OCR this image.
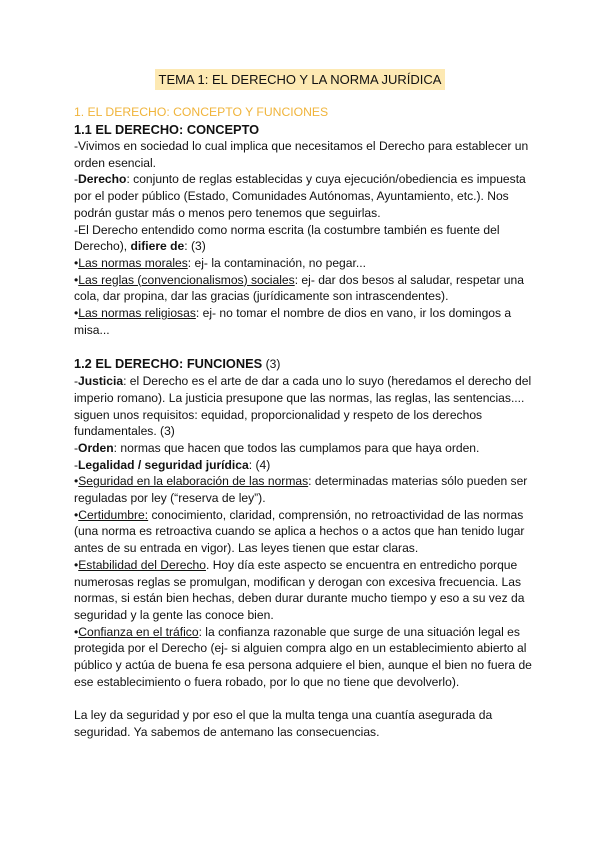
TEMA 1: EL DERECHO Y LA NORMA JURÍDICA

1. EL DERECHO: CONCEPTO Y FUNCIONES

1.1 EL DERECHO: CONCEPTO

-Vivimos en sociedad lo cual implica que necesitamos el Derecho para establecer un orden esencial.

-Derecho: conjunto de reglas establecidas y cuya ejecución/obediencia es impuesta por el poder público (Estado, Comunidades Autónomas, Ayuntamiento, etc.). Nos podrán gustar más o menos pero tenemos que seguirlas.

-El Derecho entendido como norma escrita (la costumbre también es fuente del Derecho), difiere de: (3)

•Las normas morales: ej- la contaminación, no pegar...

•Las reglas (convencionalismos) sociales: ej- dar dos besos al saludar, respetar una cola, dar propina, dar las gracias (jurídicamente son intrascendentes).

•Las normas religiosas: ej- no tomar el nombre de dios en vano, ir los domingos a misa...

1.2 EL DERECHO: FUNCIONES (3)

-Justicia: el Derecho es el arte de dar a cada uno lo suyo (heredamos el derecho del imperio romano). La justicia presupone que las normas, las reglas, las sentencias.... siguen unos requisitos: equidad, proporcionalidad y respeto de los derechos fundamentales. (3)

-Orden: normas que hacen que todos las cumplamos para que haya orden.

-Legalidad / seguridad jurídica: (4)

•Seguridad en la elaboración de las normas: determinadas materias sólo pueden ser reguladas por ley (“reserva de ley”).

•Certidumbre: conocimiento, claridad, comprensión, no retroactividad de las normas (una norma es retroactiva cuando se aplica a hechos o a actos que han tenido lugar antes de su entrada en vigor). Las leyes tienen que estar claras.

•Estabilidad del Derecho. Hoy día este aspecto se encuentra en entredicho porque numerosas reglas se promulgan, modifican y derogan con excesiva frecuencia. Las normas, si están bien hechas, deben durar durante mucho tiempo y eso a su vez da seguridad y la gente las conoce bien.

•Confianza en el tráfico: la confianza razonable que surge de una situación legal es protegida por el Derecho (ej- si alguien compra algo en un establecimiento abierto al público y actúa de buena fe esa persona adquiere el bien, aunque el bien no fuera de ese establecimiento o fuera robado, por lo que no tiene que devolverlo).

La ley da seguridad y por eso el que la multa tenga una cuantía asegurada da seguridad. Ya sabemos de antemano las consecuencias.
